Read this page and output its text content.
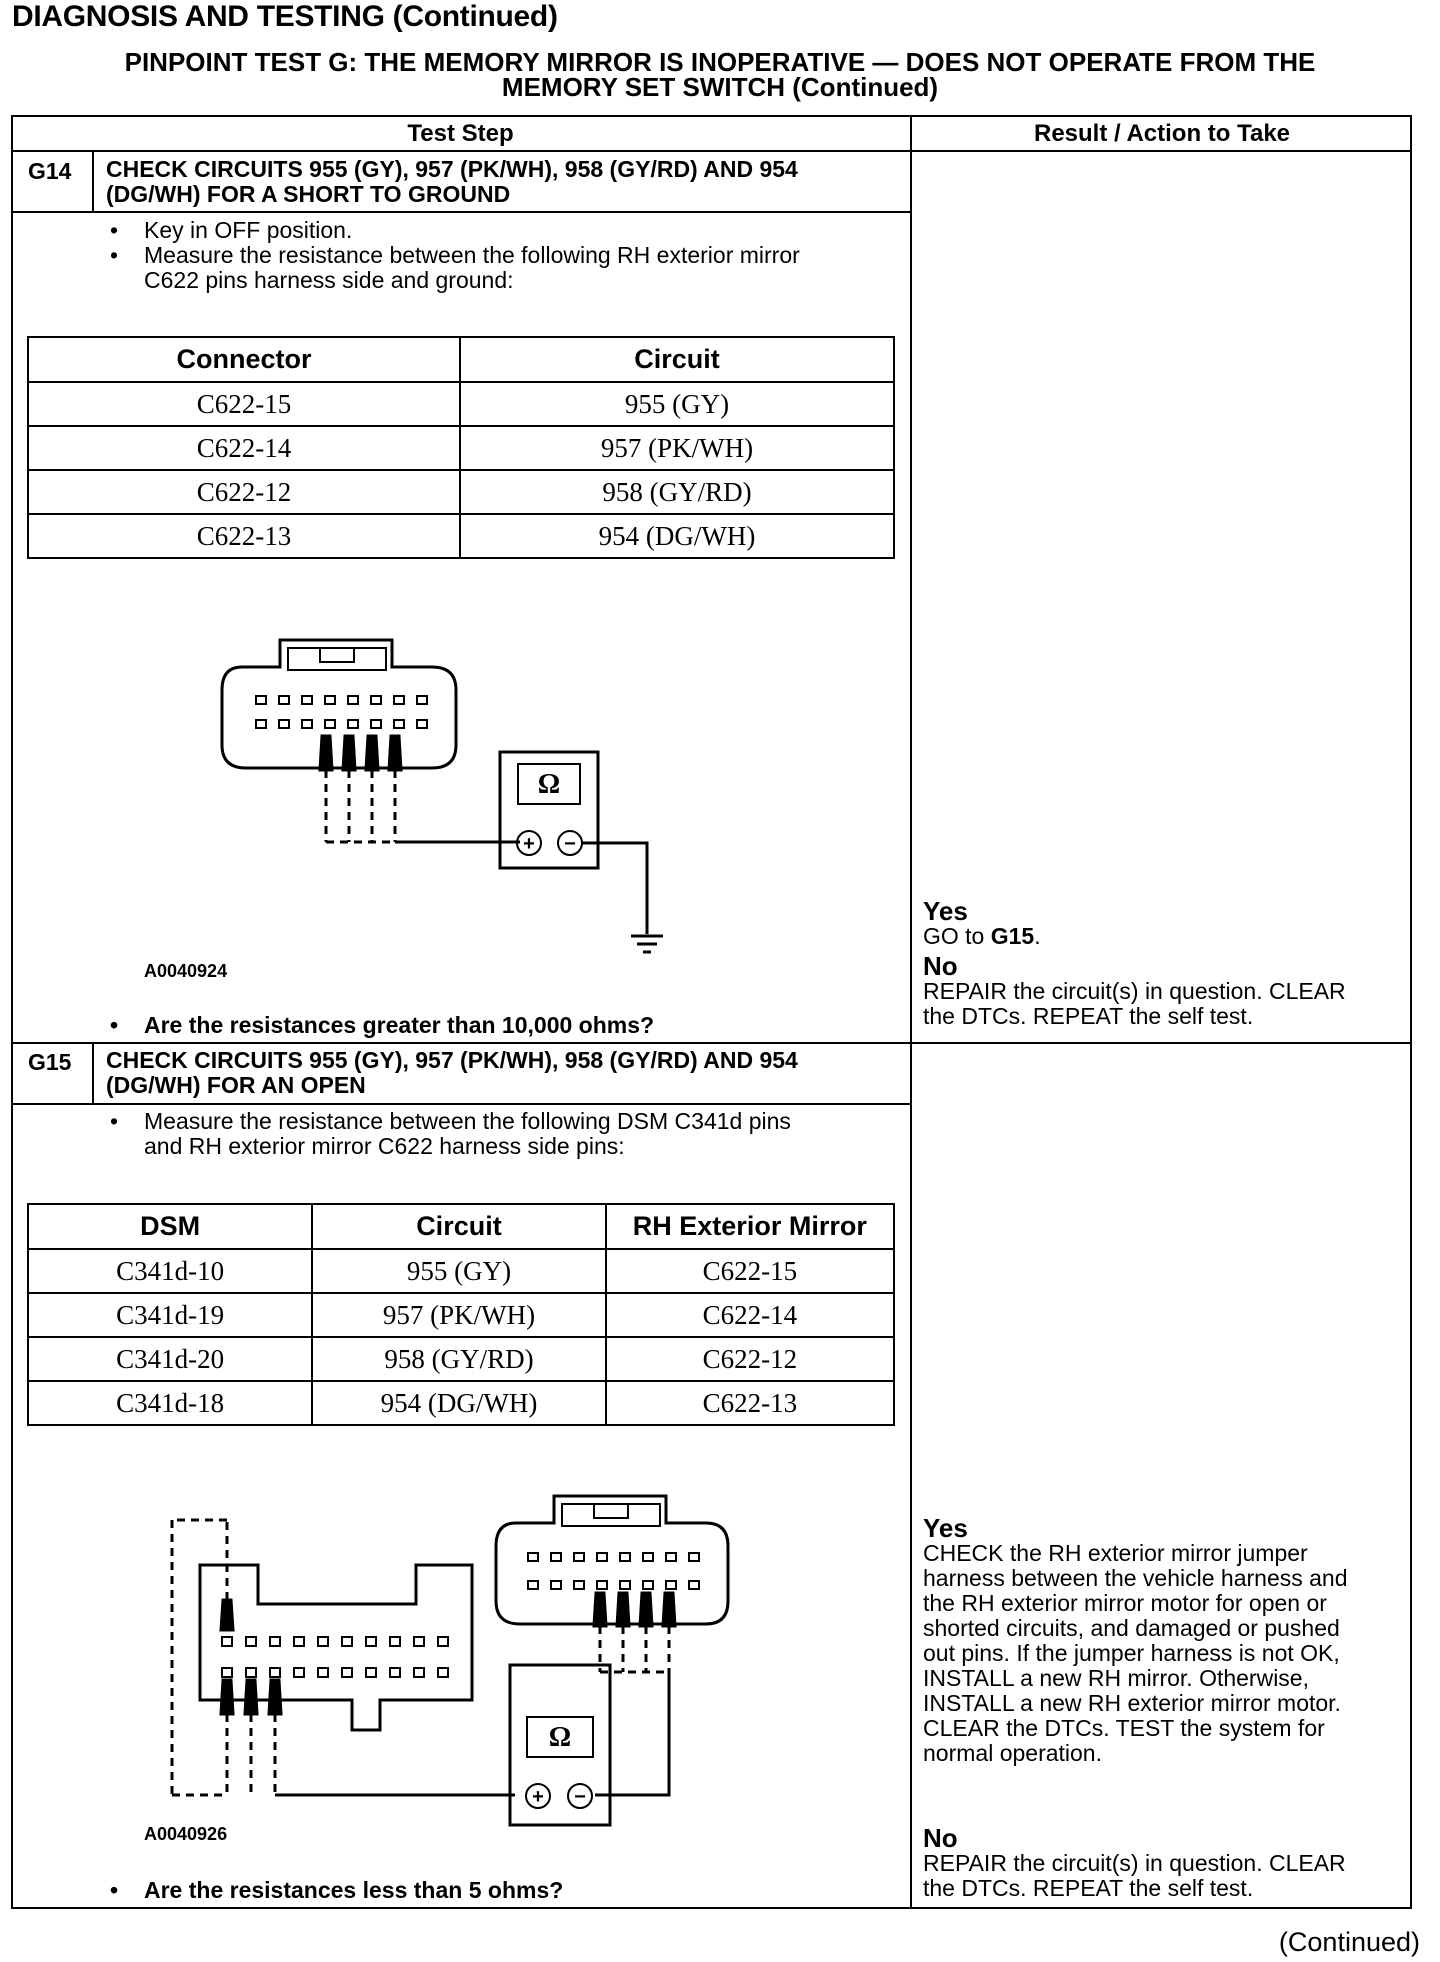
DIAGNOSIS AND TESTING (Continued)
PINPOINT TEST G: THE MEMORY MIRROR IS INOPERATIVE — DOES NOT OPERATE FROM THE
MEMORY SET SWITCH (Continued)
Test Step	Result / Action to Take
G14 CHECK CIRCUITS 955 (GY), 957 (PK/WH), 958 (GY/RD) AND 954
(DG/WH) FOR A SHORT TO GROUND
• Key in OFF position.
• Measure the resistance between the following RH exterior mirror
C622 pins harness side and ground:
Connector	Circuit
C622-15	955 (GY)
C622-14	957 (PK/WH)
C622-12	958 (GY/RD)
C622-13	954 (DG/WH)
Ω
+ −
A0040924
• Are the resistances greater than 10,000 ohms?
Yes
GO to G15.
No
REPAIR the circuit(s) in question. CLEAR
the DTCs. REPEAT the self test.
G15 CHECK CIRCUITS 955 (GY), 957 (PK/WH), 958 (GY/RD) AND 954
(DG/WH) FOR AN OPEN
• Measure the resistance between the following DSM C341d pins
and RH exterior mirror C622 harness side pins:
DSM	Circuit	RH Exterior Mirror
C341d-10	955 (GY)	C622-15
C341d-19	957 (PK/WH)	C622-14
C341d-20	958 (GY/RD)	C622-12
C341d-18	954 (DG/WH)	C622-13
Ω
+ −
A0040926
• Are the resistances less than 5 ohms?
Yes
CHECK the RH exterior mirror jumper
harness between the vehicle harness and
the RH exterior mirror motor for open or
shorted circuits, and damaged or pushed
out pins. If the jumper harness is not OK,
INSTALL a new RH mirror. Otherwise,
INSTALL a new RH exterior mirror motor.
CLEAR the DTCs. TEST the system for
normal operation.
No
REPAIR the circuit(s) in question. CLEAR
the DTCs. REPEAT the self test.
(Continued)
